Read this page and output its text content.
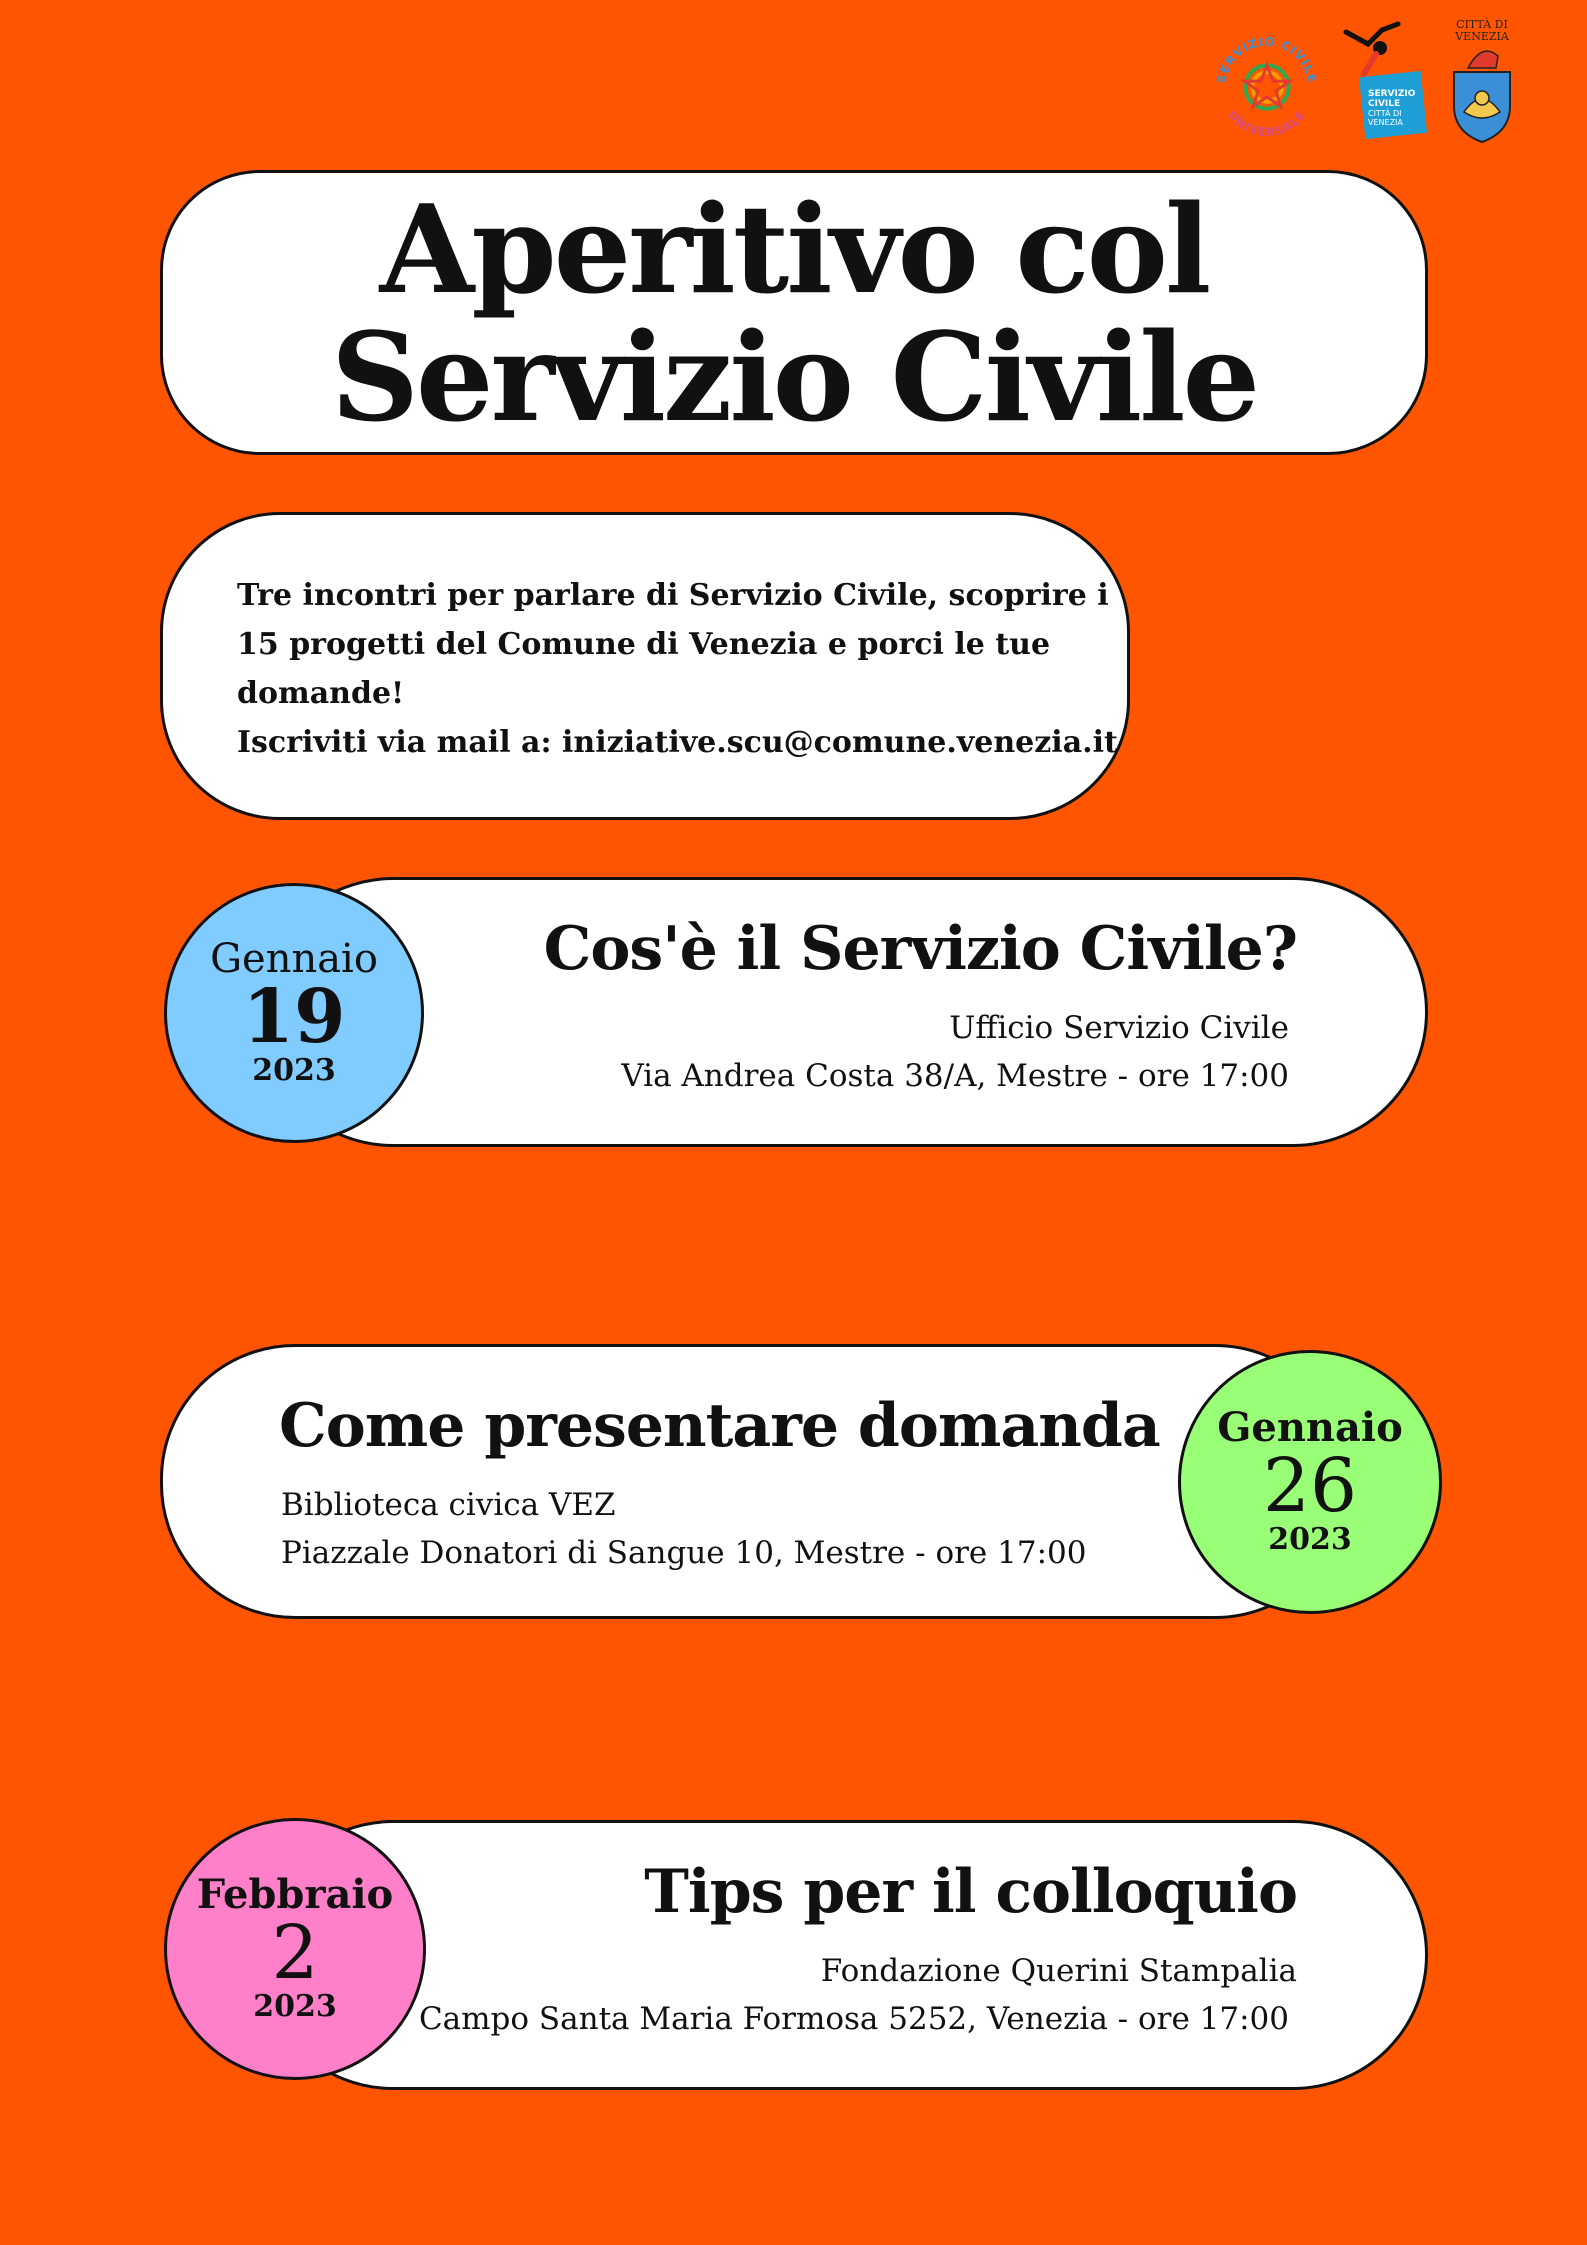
SERVIZIO CIVILE
UNIVERSALE
SERVIZIO
CIVILE
CITTÀ DI
VENEZIA
CITTÀ DI
VENEZIA
Aperitivo col
Servizio Civile
Tre incontri per parlare di Servizio Civile, scoprire i
15 progetti del Comune di Venezia e porci le tue
domande!
Iscriviti via mail a: iniziative.scu@comune.venezia.it
Cos'è il Servizio Civile?
Ufficio Servizio Civile
Via Andrea Costa 38/A, Mestre - ore 17:00
Gennaio
19
2023
Come presentare domanda
Biblioteca civica VEZ
Piazzale Donatori di Sangue 10, Mestre - ore 17:00
Gennaio
26
2023
Tips per il colloquio
Fondazione Querini Stampalia
Campo Santa Maria Formosa 5252, Venezia - ore 17:00
Febbraio
2
2023
